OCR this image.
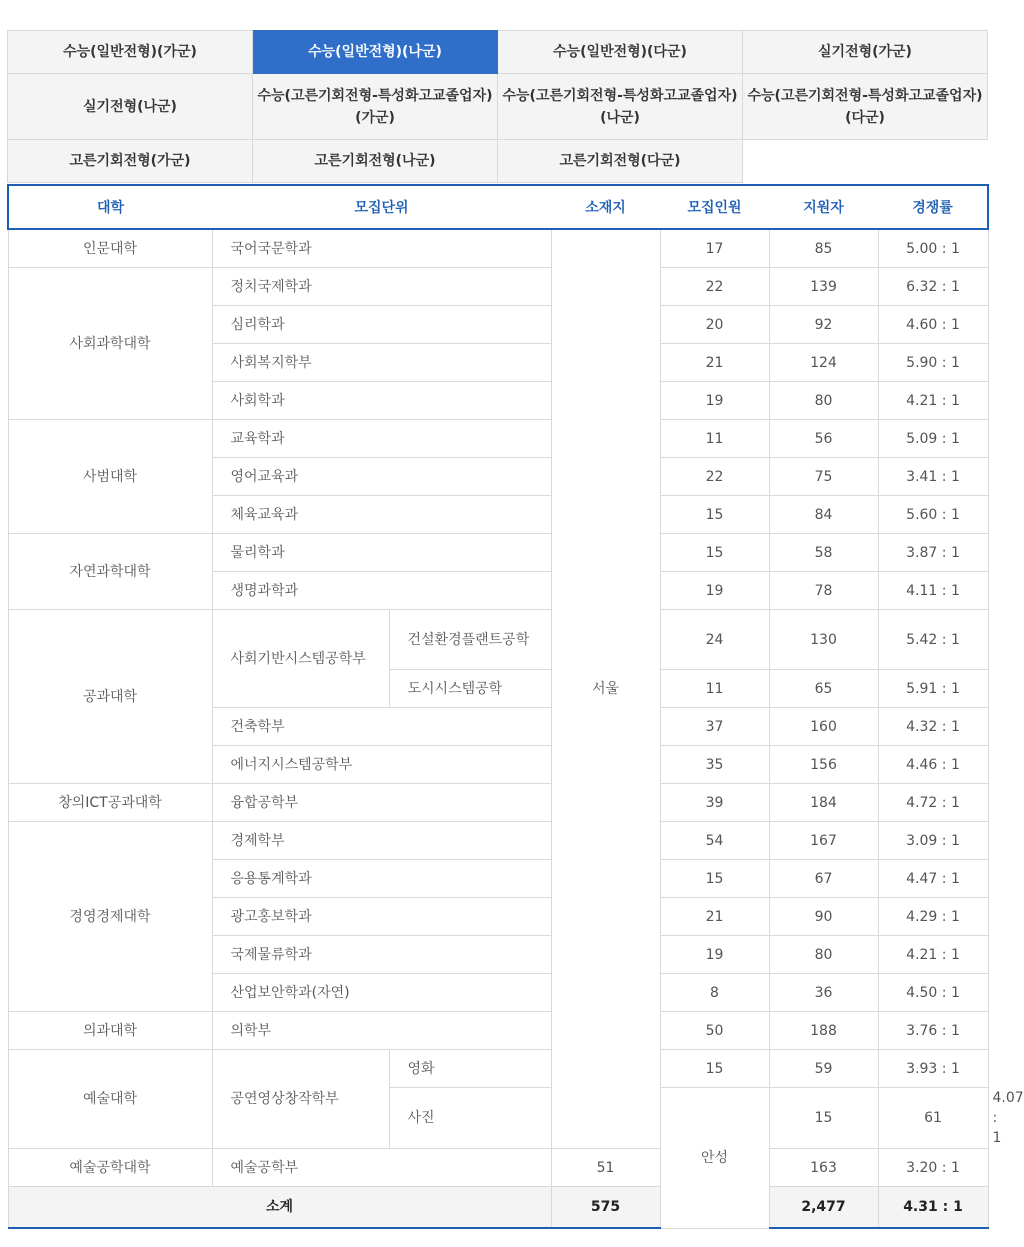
수능(일반전형)(가군)	수능(일반전형)(나군)	수능(일반전형)(다군)	실기전형(가군)
실기전형(나군)	수능(고른기회전형-특성화고교졸업자)(가군)	수능(고른기회전형-특성화고교졸업자)(나군)	수능(고른기회전형-특성화고교졸업자)(다군)
고른기회전형(가군)	고른기회전형(나군)	고른기회전형(다군)	
대학	모집단위		소재지	모집인원	지원자	경쟁률	
인문대학	국어국문학과		서울	17	85	5.00 : 1	
사회과학대학	정치국제학과			22	139	6.32 : 1	
	심리학과			20	92	4.60 : 1	
	사회복지학부			21	124	5.90 : 1	
	사회학과			19	80	4.21 : 1	
사범대학	교육학과			11	56	5.09 : 1	
	영어교육과			22	75	3.41 : 1	
	체육교육과			15	84	5.60 : 1	
자연과학대학	물리학과			15	58	3.87 : 1	
	생명과학과			19	78	4.11 : 1	
공과대학	사회기반시스템공학부	건설환경플랜트공학		24	130	5.42 : 1	
		도시시스템공학		11	65	5.91 : 1	
	건축학부			37	160	4.32 : 1	
	에너지시스템공학부			35	156	4.46 : 1	
창의ICT공과대학	융합공학부			39	184	4.72 : 1	
경영경제대학	경제학부			54	167	3.09 : 1	
	응용통계학과			15	67	4.47 : 1	
	광고홍보학과			21	90	4.29 : 1	
	국제물류학과			19	80	4.21 : 1	
	산업보안학과(자연)			8	36	4.50 : 1	
의과대학	의학부			50	188	3.76 : 1	
예술대학	공연영상창작학부	영화		15	59	3.93 : 1	
		사진		안성	15	61	4.07 : 1
예술공학대학	예술공학부		51		163	3.20 : 1	
소계			575		2,477	4.31 : 1	
